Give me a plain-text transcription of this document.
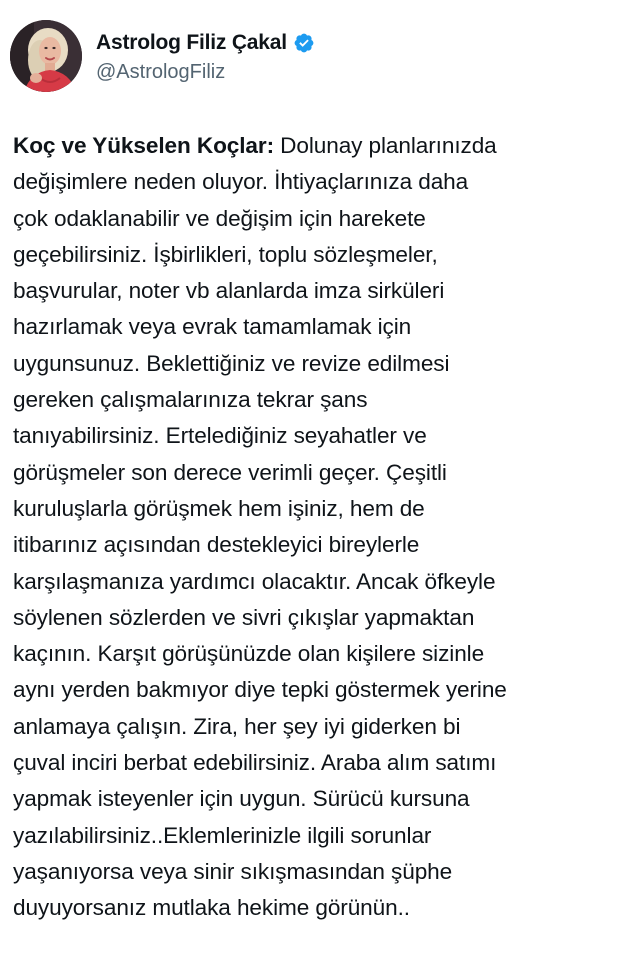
Astrolog Filiz Çakal
@AstrologFiliz

Koç ve Yükselen Koçlar: Dolunay planlarınızda
değişimlere neden oluyor. İhtiyaçlarınıza daha
çok odaklanabilir ve değişim için harekete
geçebilirsiniz. İşbirlikleri, toplu sözleşmeler,
başvurular, noter vb alanlarda imza sirküleri
hazırlamak veya evrak tamamlamak için
uygunsunuz. Beklettiğiniz ve revize edilmesi
gereken çalışmalarınıza tekrar şans
tanıyabilirsiniz. Ertelediğiniz seyahatler ve
görüşmeler son derece verimli geçer. Çeşitli
kuruluşlarla görüşmek hem işiniz, hem de
itibarınız açısından destekleyici bireylerle
karşılaşmanıza yardımcı olacaktır. Ancak öfkeyle
söylenen sözlerden ve sivri çıkışlar yapmaktan
kaçının. Karşıt görüşünüzde olan kişilere sizinle
aynı yerden bakmıyor diye tepki göstermek yerine
anlamaya çalışın. Zira, her şey iyi giderken bi
çuval inciri berbat edebilirsiniz. Araba alım satımı
yapmak isteyenler için uygun. Sürücü kursuna
yazılabilirsiniz..Eklemlerinizle ilgili sorunlar
yaşanıyorsa veya sinir sıkışmasından şüphe
duyuyorsanız mutlaka hekime görünün..
